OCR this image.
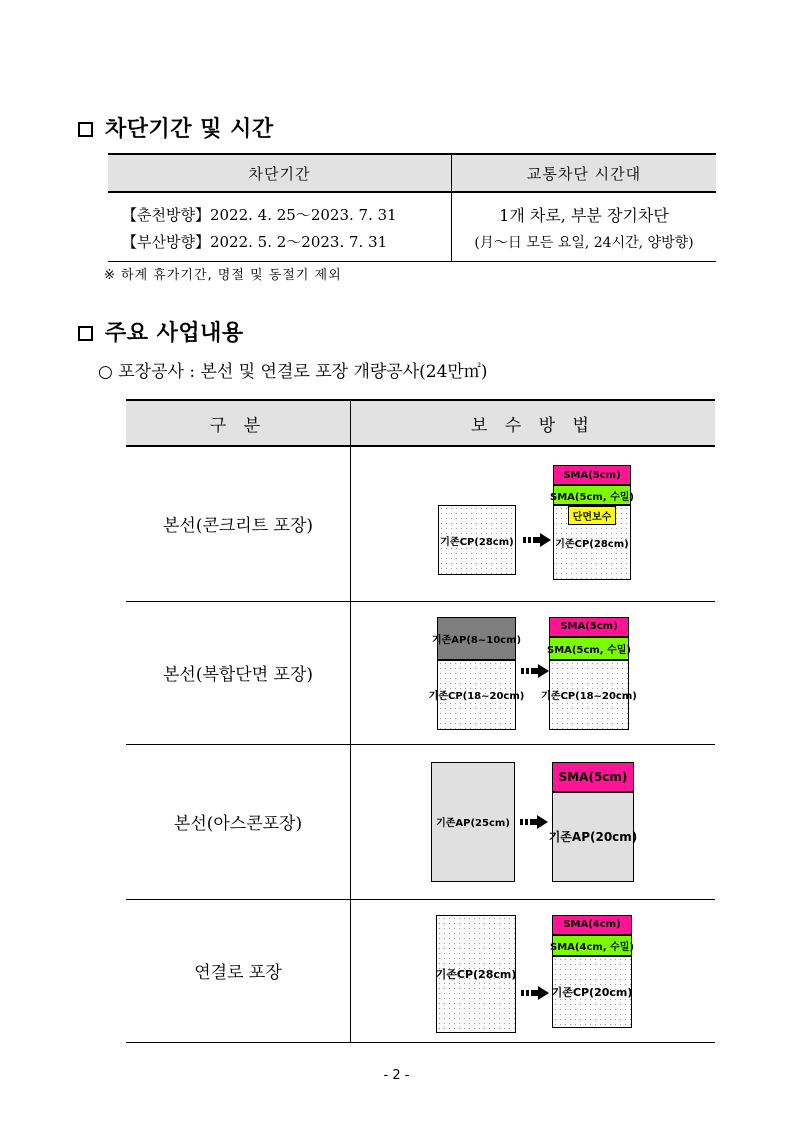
차단기간 및 시간
차단기간	교통차단 시간대
【춘천방향】2022. 4. 25～2023. 7. 31	1개 차로, 부분 장기차단
【부산방향】2022. 5. 2～2023. 7. 31	(月～日 모든 요일, 24시간, 양방향)
※ 하계 휴가기간, 명절 및 동절기 제외
주요 사업내용
○ 포장공사 : 본선 및 연결로 포장 개량공사(24만㎡)
구 분	보 수 방 법
본선(콘크리트 포장)	기존CP(28cm)
SMA(5cm)
SMA(5cm, 수밀)
단면보수
기존CP(28cm)

본선(복합단면 포장)	기존AP(8~10cm)
기존CP(18~20cm)
SMA(5cm)
SMA(5cm, 수밀)
기존CP(18~20cm)

본선(아스콘포장)	기존AP(25cm)
SMA(5cm)
기존AP(20cm)

연결로 포장	기존CP(28cm)
SMA(4cm)
SMA(4cm, 수밀)
기존CP(20cm)
- 2 -
